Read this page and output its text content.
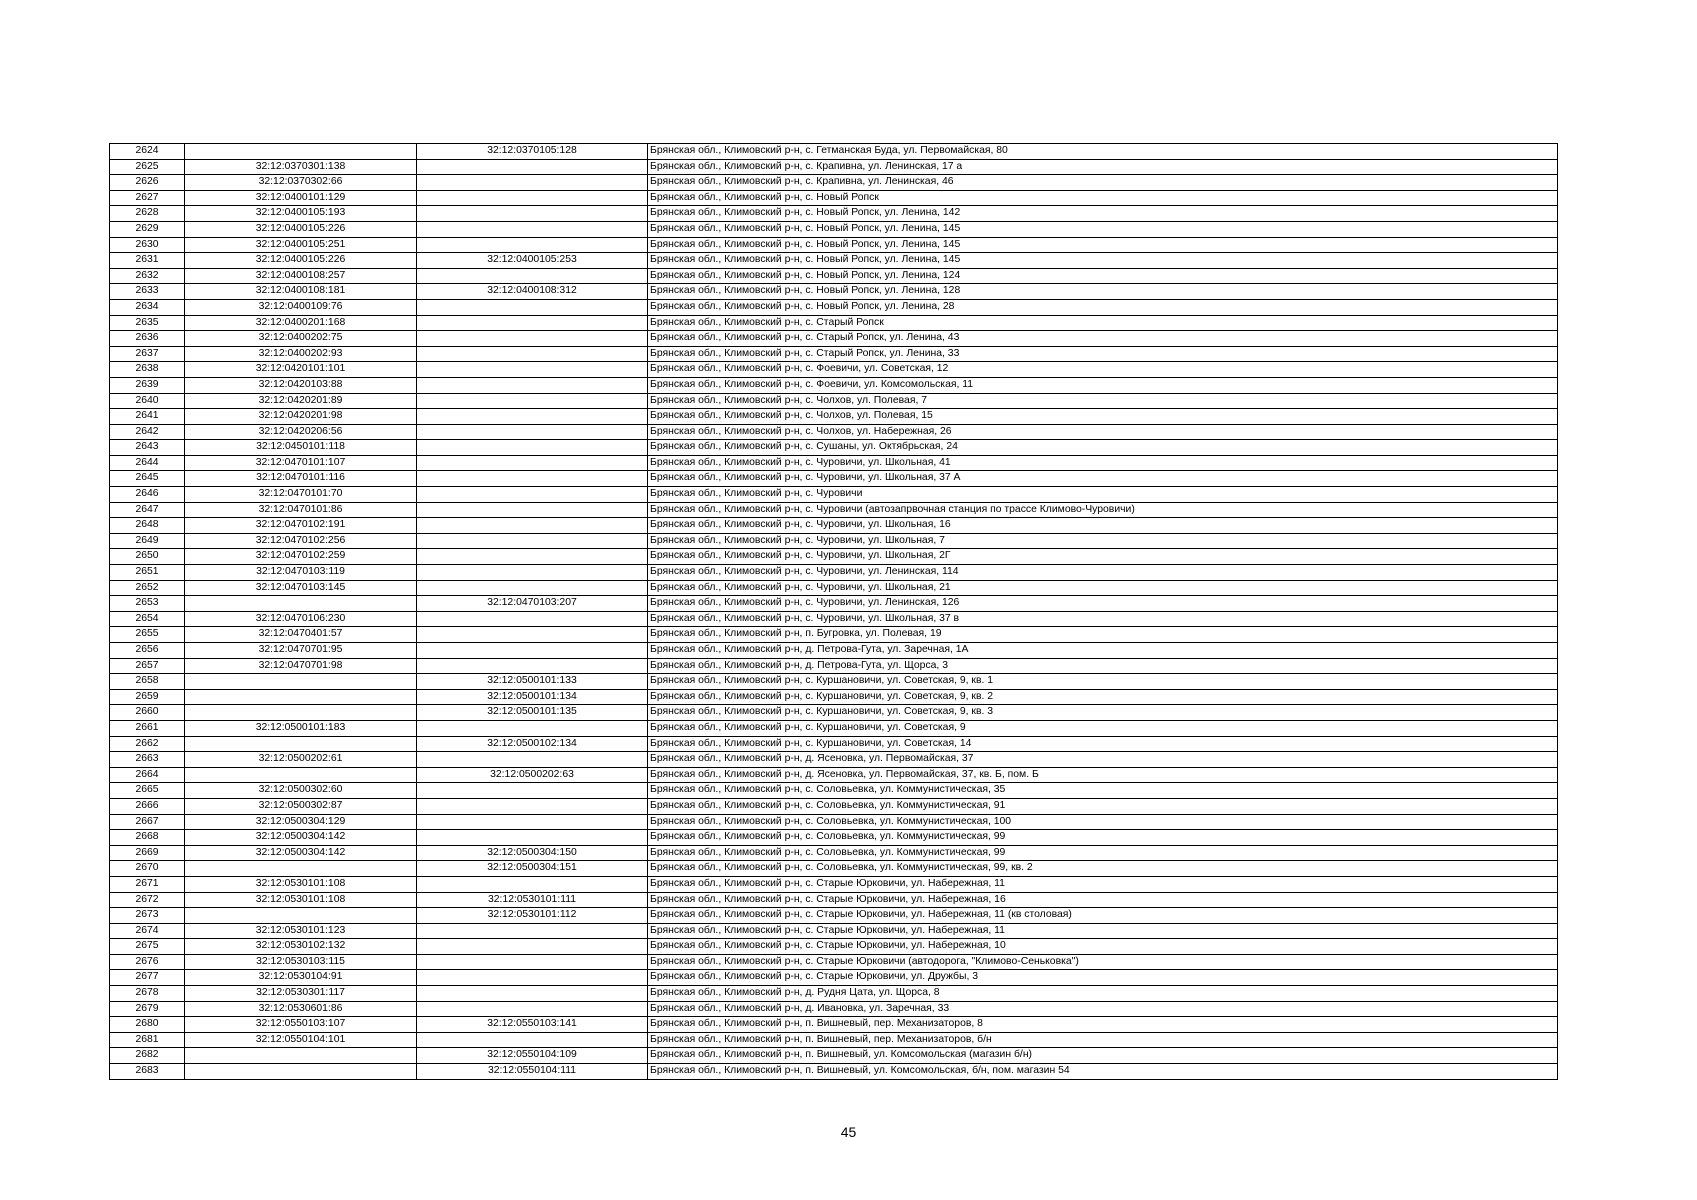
2624		32:12:0370105:128	Брянская обл., Климовский р-н, с. Гетманская Буда, ул. Первомайская, 80
2625	32:12:0370301:138		Брянская обл., Климовский р-н, с. Крапивна, ул. Ленинская, 17 а
2626	32:12:0370302:66		Брянская обл., Климовский р-н, с. Крапивна, ул. Ленинская, 46
2627	32:12:0400101:129		Брянская обл., Климовский р-н, с. Новый Ропск
2628	32:12:0400105:193		Брянская обл., Климовский р-н, с. Новый Ропск, ул. Ленина, 142
2629	32:12:0400105:226		Брянская обл., Климовский р-н, с. Новый Ропск, ул. Ленина, 145
2630	32:12:0400105:251		Брянская обл., Климовский р-н, с. Новый Ропск, ул. Ленина, 145
2631	32:12:0400105:226	32:12:0400105:253	Брянская обл., Климовский р-н, с. Новый Ропск, ул. Ленина, 145
2632	32:12:0400108:257		Брянская обл., Климовский р-н, с. Новый Ропск, ул. Ленина, 124
2633	32:12:0400108:181	32:12:0400108:312	Брянская обл., Климовский р-н, с. Новый Ропск, ул. Ленина, 128
2634	32:12:0400109:76		Брянская обл., Климовский р-н, с. Новый Ропск, ул. Ленина, 28
2635	32:12:0400201:168		Брянская обл., Климовский р-н, с. Старый Ропск
2636	32:12:0400202:75		Брянская обл., Климовский р-н, с. Старый Ропск, ул. Ленина, 43
2637	32:12:0400202:93		Брянская обл., Климовский р-н, с. Старый Ропск, ул. Ленина, 33
2638	32:12:0420101:101		Брянская обл., Климовский р-н, с. Фоевичи, ул. Советская, 12
2639	32:12:0420103:88		Брянская обл., Климовский р-н, с. Фоевичи, ул. Комсомольская, 11
2640	32:12:0420201:89		Брянская обл., Климовский р-н, с. Чолхов, ул. Полевая, 7
2641	32:12:0420201:98		Брянская обл., Климовский р-н, с. Чолхов, ул. Полевая, 15
2642	32:12:0420206:56		Брянская обл., Климовский р-н, с. Чолхов, ул. Набережная, 26
2643	32:12:0450101:118		Брянская обл., Климовский р-н, с. Сушаны, ул. Октябрьская, 24
2644	32:12:0470101:107		Брянская обл., Климовский р-н, с. Чуровичи, ул. Школьная, 41
2645	32:12:0470101:116		Брянская обл., Климовский р-н, с. Чуровичи, ул. Школьная, 37 А
2646	32:12:0470101:70		Брянская обл., Климовский р-н, с. Чуровичи
2647	32:12:0470101:86		Брянская обл., Климовский р-н, с. Чуровичи (автозапрвочная станция по трассе Климово-Чуровичи)
2648	32:12:0470102:191		Брянская обл., Климовский р-н, с. Чуровичи, ул. Школьная, 16
2649	32:12:0470102:256		Брянская обл., Климовский р-н, с. Чуровичи, ул. Школьная, 7
2650	32:12:0470102:259		Брянская обл., Климовский р-н, с. Чуровичи, ул. Школьная, 2Г
2651	32:12:0470103:119		Брянская обл., Климовский р-н, с. Чуровичи, ул. Ленинская, 114
2652	32:12:0470103:145		Брянская обл., Климовский р-н, с. Чуровичи, ул. Школьная, 21
2653		32:12:0470103:207	Брянская обл., Климовский р-н, с. Чуровичи, ул. Ленинская, 126
2654	32:12:0470106:230		Брянская обл., Климовский р-н, с. Чуровичи, ул. Школьная, 37 в
2655	32:12:0470401:57		Брянская обл., Климовский р-н, п. Бугровка, ул. Полевая, 19
2656	32:12:0470701:95		Брянская обл., Климовский р-н, д. Петрова-Гута, ул. Заречная, 1А
2657	32:12:0470701:98		Брянская обл., Климовский р-н, д. Петрова-Гута, ул. Щорса, 3
2658		32:12:0500101:133	Брянская обл., Климовский р-н, с. Куршановичи, ул. Советская, 9, кв. 1
2659		32:12:0500101:134	Брянская обл., Климовский р-н, с. Куршановичи, ул. Советская, 9, кв. 2
2660		32:12:0500101:135	Брянская обл., Климовский р-н, с. Куршановичи, ул. Советская, 9, кв. 3
2661	32:12:0500101:183		Брянская обл., Климовский р-н, с. Куршановичи, ул. Советская, 9
2662		32:12:0500102:134	Брянская обл., Климовский р-н, с. Куршановичи, ул. Советская, 14
2663	32:12:0500202:61		Брянская обл., Климовский р-н, д. Ясеновка, ул. Первомайская, 37
2664		32:12:0500202:63	Брянская обл., Климовский р-н, д. Ясеновка, ул. Первомайская, 37, кв. Б, пом. Б
2665	32:12:0500302:60		Брянская обл., Климовский р-н, с. Соловьевка, ул. Коммунистическая, 35
2666	32:12:0500302:87		Брянская обл., Климовский р-н, с. Соловьевка, ул. Коммунистическая, 91
2667	32:12:0500304:129		Брянская обл., Климовский р-н, с. Соловьевка, ул. Коммунистическая, 100
2668	32:12:0500304:142		Брянская обл., Климовский р-н, с. Соловьевка, ул. Коммунистическая, 99
2669	32:12:0500304:142	32:12:0500304:150	Брянская обл., Климовский р-н, с. Соловьевка, ул. Коммунистическая, 99
2670		32:12:0500304:151	Брянская обл., Климовский р-н, с. Соловьевка, ул. Коммунистическая, 99, кв. 2
2671	32:12:0530101:108		Брянская обл., Климовский р-н, с. Старые Юрковичи, ул. Набережная, 11
2672	32:12:0530101:108	32:12:0530101:111	Брянская обл., Климовский р-н, с. Старые Юрковичи, ул. Набережная, 16
2673		32:12:0530101:112	Брянская обл., Климовский р-н, с. Старые Юрковичи, ул. Набережная, 11 (кв столовая)
2674	32:12:0530101:123		Брянская обл., Климовский р-н, с. Старые Юрковичи, ул. Набережная, 11
2675	32:12:0530102:132		Брянская обл., Климовский р-н, с. Старые Юрковичи, ул. Набережная, 10
2676	32:12:0530103:115		Брянская обл., Климовский р-н, с. Старые Юрковичи (автодорога, "Климово-Сеньковка")
2677	32:12:0530104:91		Брянская обл., Климовский р-н, с. Старые Юрковичи, ул. Дружбы, 3
2678	32:12:0530301:117		Брянская обл., Климовский р-н, д. Рудня Цата, ул. Щорса, 8
2679	32:12:0530601:86		Брянская обл., Климовский р-н, д. Ивановка, ул. Заречная, 33
2680	32:12:0550103:107	32:12:0550103:141	Брянская обл., Климовский р-н, п. Вишневый, пер. Механизаторов, 8
2681	32:12:0550104:101		Брянская обл., Климовский р-н, п. Вишневый, пер. Механизаторов, б/н
2682		32:12:0550104:109	Брянская обл., Климовский р-н, п. Вишневый, ул. Комсомольская (магазин б/н)
2683		32:12:0550104:111	Брянская обл., Климовский р-н, п. Вишневый, ул. Комсомольская, б/н, пом. магазин 54
45
